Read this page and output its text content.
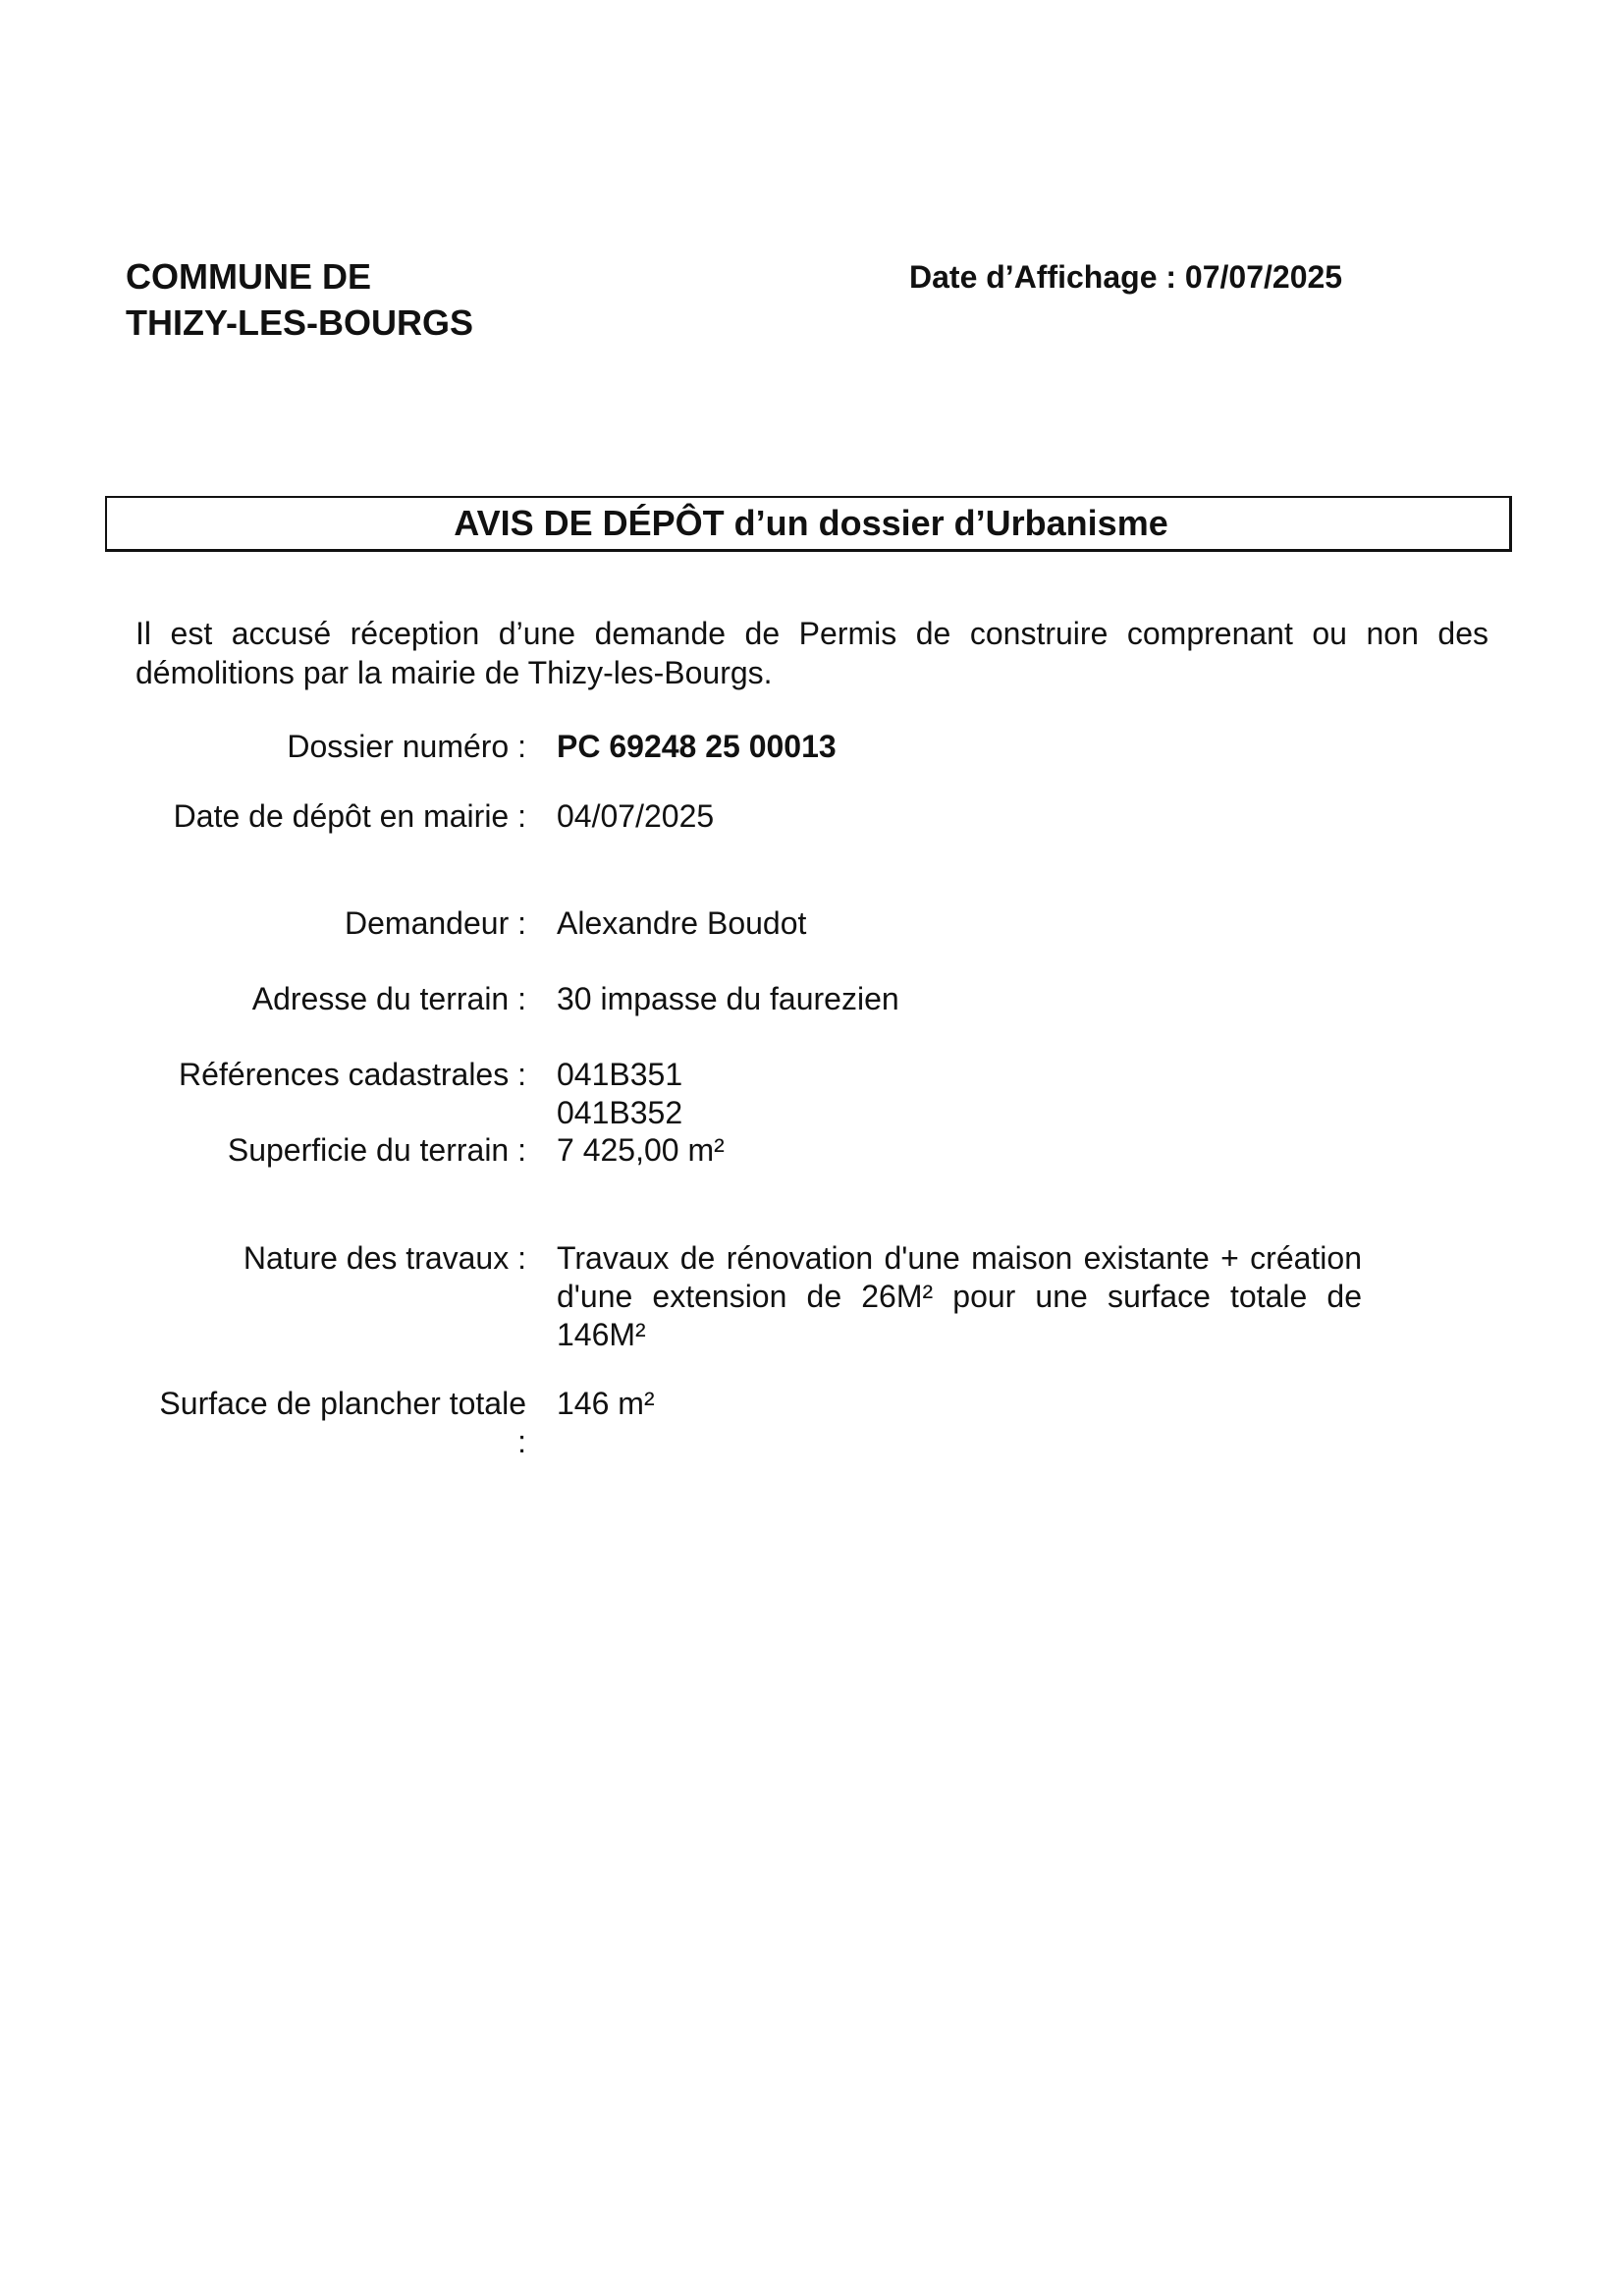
COMMUNE DE
THIZY-LES-BOURGS
Date d’Affichage : 07/07/2025
AVIS DE DÉPÔT d’un dossier d’Urbanisme
Il est accusé réception d’une demande de Permis de construire comprenant ou non des démolitions par la mairie de Thizy-les-Bourgs.
Dossier numéro : PC 69248 25 00013
Date de dépôt en mairie : 04/07/2025
Demandeur : Alexandre Boudot
Adresse du terrain : 30 impasse du faurezien
Références cadastrales : 041B351
041B352
Superficie du terrain : 7 425,00 m²
Nature des travaux : Travaux de rénovation d'une maison existante + création d'une extension de 26M² pour une surface totale de 146M²
Surface de plancher totale 146 m²
:
